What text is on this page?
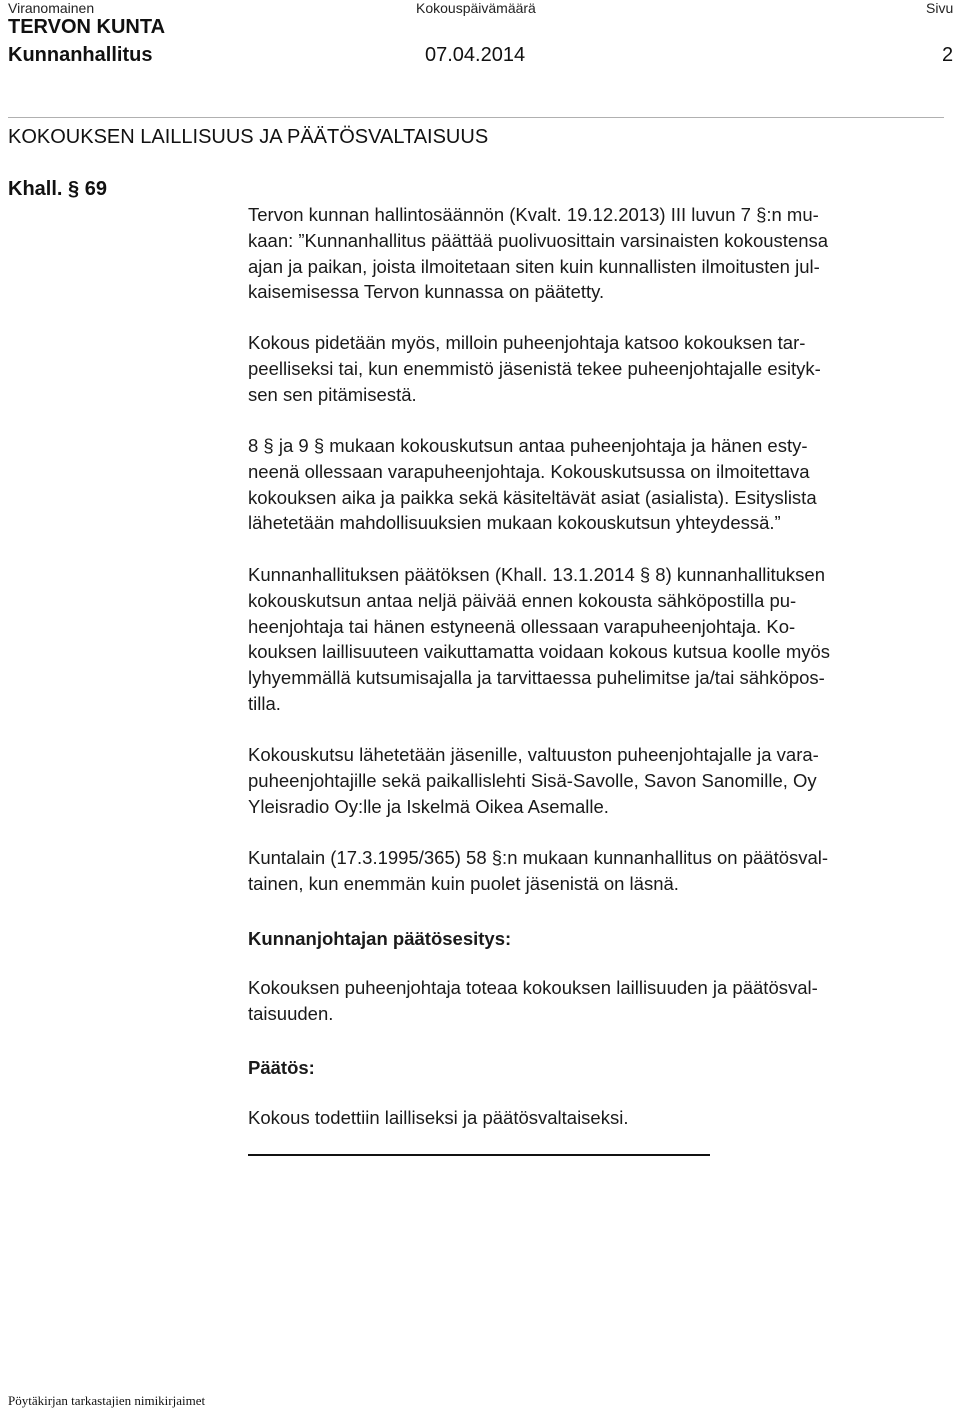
Viranomainen	Kokouspäivämäärä	Sivu
TERVON KUNTA
Kunnanhallitus	07.04.2014	2
KOKOUKSEN LAILLISUUS JA PÄÄTÖSVALTAISUUS
Khall. § 69

Tervon kunnan hallintosäännön (Kvalt. 19.12.2013) III luvun 7 §:n mu-
kaan: ”Kunnanhallitus päättää puolivuosittain varsinaisten kokoustensa
ajan ja paikan, joista ilmoitetaan siten kuin kunnallisten ilmoitusten jul-
kaisemisessa Tervon kunnassa on päätetty.

Kokous pidetään myös, milloin puheenjohtaja katsoo kokouksen tar-
peelliseksi tai, kun enemmistö jäsenistä tekee puheenjohtajalle esityk-
sen sen pitämisestä.

8 § ja 9 § mukaan kokouskutsun antaa puheenjohtaja ja hänen esty-
neenä ollessaan varapuheenjohtaja. Kokouskutsussa on ilmoitettava
kokouksen aika ja paikka sekä käsiteltävät asiat (asialista). Esityslista
lähetetään mahdollisuuksien mukaan kokouskutsun yhteydessä.”

Kunnanhallituksen päätöksen (Khall. 13.1.2014 § 8) kunnanhallituksen
kokouskutsun antaa neljä päivää ennen kokousta sähköpostilla pu-
heenjohtaja tai hänen estyneenä ollessaan varapuheenjohtaja. Ko-
kouksen laillisuuteen vaikuttamatta voidaan kokous kutsua koolle myös
lyhyemmällä kutsumisajalla ja tarvittaessa puhelimitse ja/tai sähköpos-
tilla.

Kokouskutsu lähetetään jäsenille, valtuuston puheenjohtajalle ja vara-
puheenjohtajille sekä paikallislehti Sisä-Savolle, Savon Sanomille, Oy
Yleisradio Oy:lle ja Iskelmä Oikea Asemalle.

Kuntalain (17.3.1995/365) 58 §:n mukaan kunnanhallitus on päätösval-
tainen, kun enemmän kuin puolet jäsenistä on läsnä.

Kunnanjohtajan päätösesitys:

Kokouksen puheenjohtaja toteaa kokouksen laillisuuden ja päätösval-
taisuuden.

Päätös:

Kokous todettiin lailliseksi ja päätösvaltaiseksi.

Pöytäkirjan tarkastajien nimikirjaimet
